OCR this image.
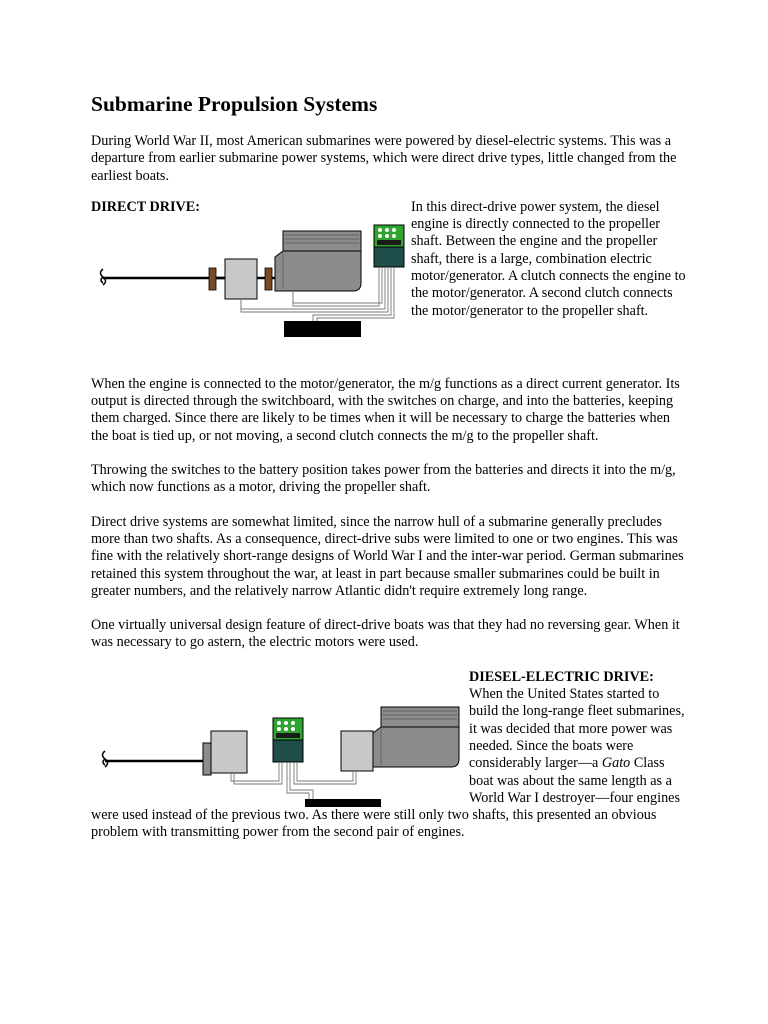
Submarine Propulsion Systems

During World War II, most American submarines were powered by diesel-electric systems. This was a departure from earlier submarine power systems, which were direct drive types, little changed from the earliest boats.

DIRECT DRIVE:	In this direct-drive power system, the diesel engine is directly connected to the propeller shaft. Between the engine and the propeller shaft, there is a large, combination electric motor/generator. A clutch connects the engine to the motor/generator. A second clutch connects the motor/generator to the propeller shaft.

When the engine is connected to the motor/generator, the m/g functions as a direct current generator. Its output is directed through the switchboard, with the switches on charge, and into the batteries, keeping them charged. Since there are likely to be times when it will be necessary to charge the batteries when the boat is tied up, or not moving, a second clutch connects the m/g to the propeller shaft.

Throwing the switches to the battery position takes power from the batteries and directs it into the m/g, which now functions as a motor, driving the propeller shaft.

Direct drive systems are somewhat limited, since the narrow hull of a submarine generally precludes more than two shafts. As a consequence, direct-drive subs were limited to one or two engines. This was fine with the relatively short-range designs of World War I and the inter-war period. German submarines retained this system throughout the war, at least in part because smaller submarines could be built in greater numbers, and the relatively narrow Atlantic didn't require extremely long range.

One virtually universal design feature of direct-drive boats was that they had no reversing gear. When it was necessary to go astern, the electric motors were used.

DIESEL-ELECTRIC DRIVE:
When the United States started to build the long-range fleet submarines, it was decided that more power was needed. Since the boats were considerably larger—a Gato Class boat was about the same length as a World War I destroyer—four engines were used instead of the previous two. As there were still only two shafts, this presented an obvious problem with transmitting power from the second pair of engines.
